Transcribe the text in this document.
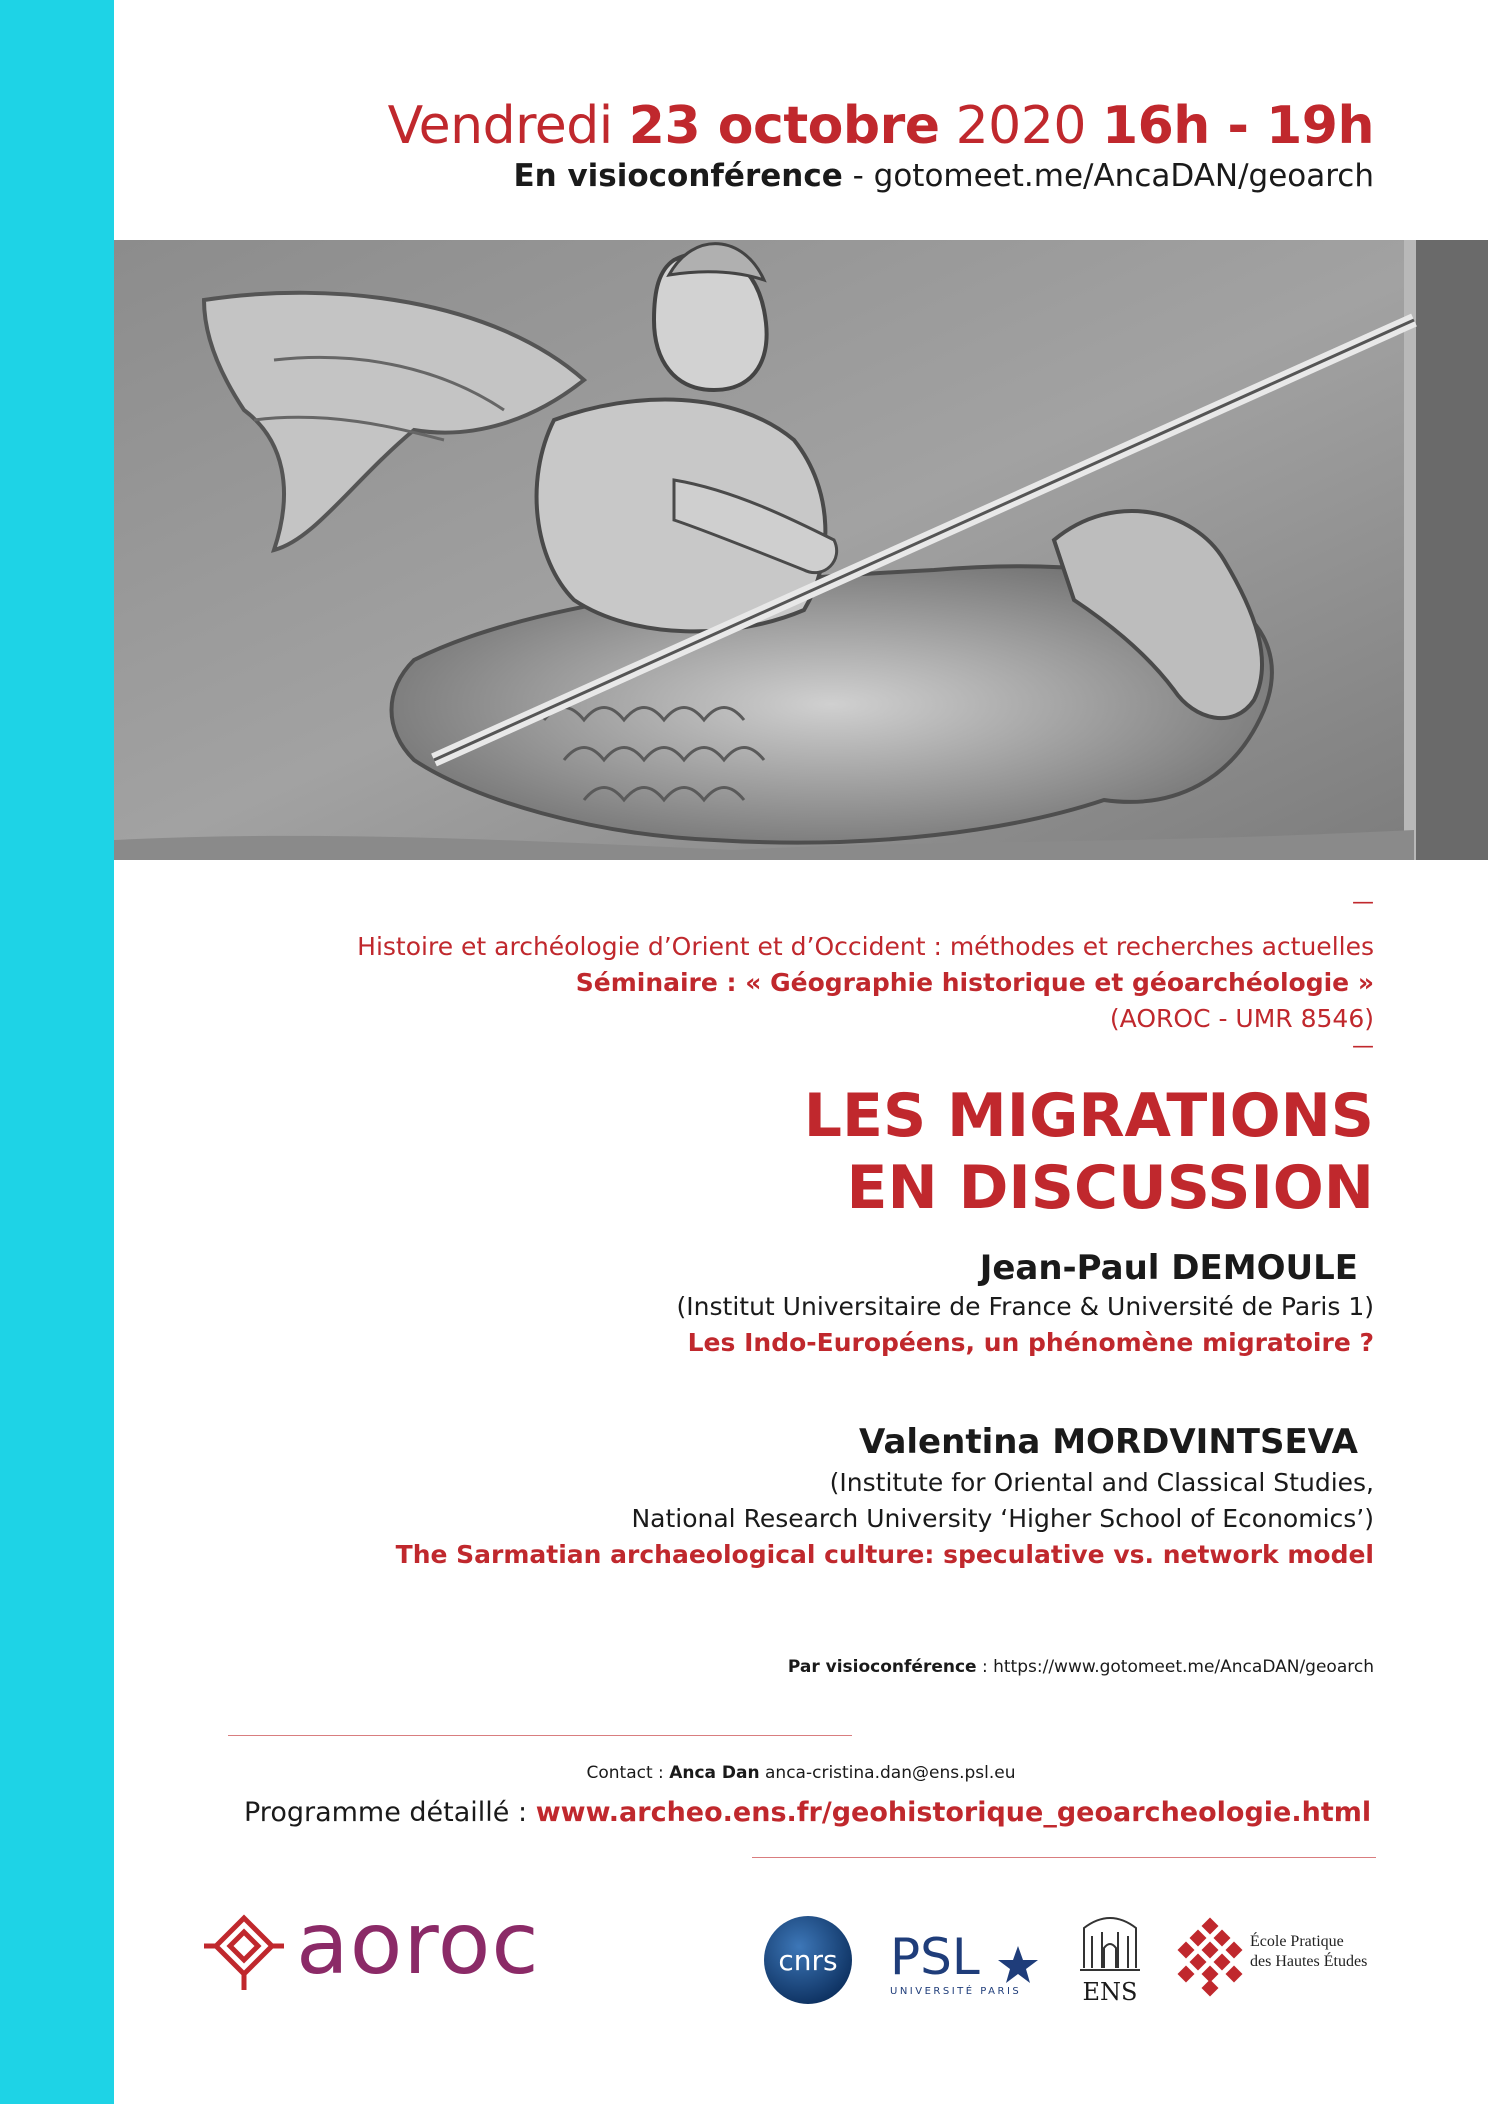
Vendredi 23 octobre 2020 16h - 19h
En visioconférence - gotomeet.me/AncaDAN/geoarch
—
Histoire et archéologie d’Orient et d’Occident : méthodes et recherches actuelles
Séminaire : « Géographie historique et géoarchéologie »
(AOROC - UMR 8546)
—
LES MIGRATIONS
EN DISCUSSION
Jean-Paul DEMOULE
(Institut Universitaire de France & Université de Paris 1)
Les Indo-Européens, un phénomène migratoire ?
Valentina MORDVINTSEVA
(Institute for Oriental and Classical Studies,
National Research University ‘Higher School of Economics’)
The Sarmatian archaeological culture: speculative vs. network model
Par visioconférence : https://www.gotomeet.me/AncaDAN/geoarch
Contact : Anca Dan anca-cristina.dan@ens.psl.eu
Programme détaillé : www.archeo.ens.fr/geohistorique_geoarcheologie.html
aoroc	cnrs PSL
UNIVERSITÉ PARIS	ENS
École Pratique
des Hautes Études
